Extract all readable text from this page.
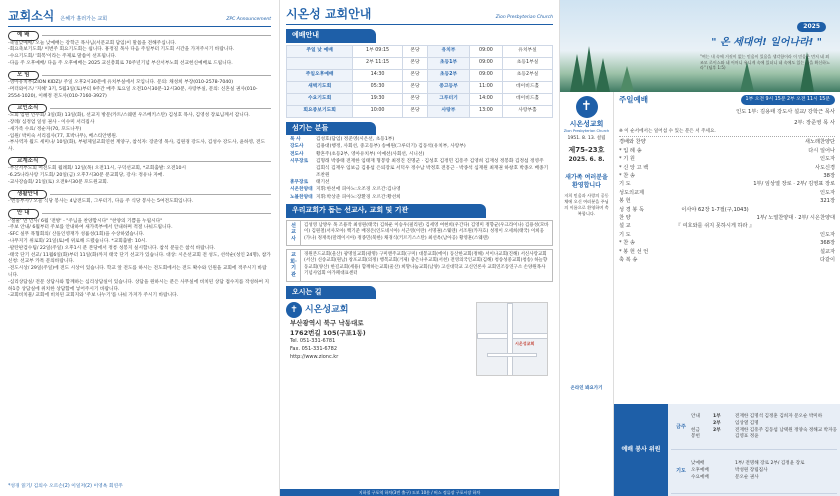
교회소식 은혜가 흘러가는 교회	ZPC Announcement
예 배
-축일낮예배/ 오늘 낮예배는 강학근 목사님(서문교회 담임)이 말씀을 전해주십니다.
-회요축보기도회/ 이번주 회요기도회는 쉽니다. 홍정길 목사 다음 주일부터 기도회 시간을 가져주시기 바랍니다.
-수요기도회/ '회복'이라는 주제로 말씀이 선포됩니다.
-다음 주 오후예배/ 다음 주 오후예배는 2025 교신총회로 70주년기념 부산서부노회 선교헌신예배로 드립니다.
모 임
-영아유치부(ZION KIDZ)/ 주일 오후2시30분에 유치부실에서 모입니다. 문의: 채성희 부장(010-2578-7040)
-머더와이즈/ '지혜' 3기, 5월3일(토)부터 9주간 매주 토요일 오전10시30분-12시30분, 사랑부실, 문의: 신혼실 권사(010-2554-1020), 이혜정 전도사(010-7160-3927)
교인소식
-노회 임원 인수회/ 3일(화) 13일(화), 선교지 방문(카트/스웨덴 우즈베키스탄) 김성호 목사, 김영성 장로님께서 갑니다.
-장례/ 심정엄 일성 권사 - 이수미 서리집사
-새가족 수료/ 정순자(70, 포도나무)
-입원/ 박미숙 서리집사(77, 호박나무), 베스티안병원.
-부사역자 월드 세미나/ 10일(화), 부평제일교회연천 계양구, 참석자: 장준영 목사, 김원경 강도사, 김성수 강도사, 윤하영, 전도사.
교계소식
-부산서부노회 여전도회 월례회/ 12일(목) 오전11시, 구덕선교회, *교회출발: 오전10시
-6.25나라사랑 기도회/ 20일(금) 오후7시30분 분교회당, 강사: 정유나 자매.
-교사강습회/ 21일(토) 오전9시30분 포도원교회.
생활안내
-'빈농부사'/ 오늘 식당 봉사는 4남전도회, 그루터기, 다음 주 식당 봉사는 5여전도회입니다.
안 내
-'실물' 연 인사/ 6월 '전방' - "주님을 찬양합시다" "찬양의 기쁨을 누립시다"
-주보 안내/ 6월부터 주보를 안내하여 새가족부에서 안내하며 적절 나눠드립니다.
-SFC 실무 목협회의/ 산돌인영재가 성률성(1회)을 수상하였습니다.
-나무지기 위로회/ 21일(토)에 위로해 드렸습니다. *교회출발: 10시.
-팔탄판검수팀/ 22일(주일) 오후1시 분 본당에서 정릉 성봉지 실시합니다. 참석 분들은 참석 바랍니다.
-태국 단기 선교/ 11월6일(화)부터 11일(화)까지 태국 단기 선교가 있습니다. 대상: 시온선교회 전 성도, 선착순(성인 24명), 참가신청: 선교부 카톡 문의바랍니다.
-전도시상/ 29일(주일)에 전도 시상이 있습니다. 학교 앞 전도를 하시는 전도회에서는 전도 확수와 인원을 교회에 적주시기 바랍니다.
-심리상담실/ 전문 상담사와 함께하는 심리상담실이 있습니다. 상담을 원하시는 분은 사무실에 비치된 상담 접수지를 작성하여 지하1층 상담실에 위치한 상담함에 넣어주시기 바랍니다.
-교회비치물/ 교회에 비치된 교회지와 '주보 나누기'를 나눠 가져가 주시기 바랍니다.
*성경 읽기/ 김의수 오르손(2) 이일저(2) 이영옥 회연주
시온성 교회안내	Zion Presbyterian Church
예배안내
주일 낮 예배	1부 09:15	본당	유치부	09:00	유치부실
	2부 11:15	본당	초등1부	09:00	초등1부실
주일오후예배	14:30	본당	초등2부	09:00	초등2부실
새벽기도회	05:30	본당	중고등부	11:00	데이비드홀
수요기도회	19:30	본당	그루터기	14:00	데이비드홀
회요중보기도회	10:00	본당	사랑부	13:00	사랑부홀
섬기는 분들
목 사	김성호(담임) 정준영(시온선, 초등1부)
강도사	김용대(행정, 사회선, 중고등부) 송예원(그루터기) 김동석(유치부, 사랑부)
전도사	황혼주(초등2부, 영아유치부) 이예선(사회선, 시니선)
시무장로	김형래 박종태 전재한 임태재 형봉랑 최정진 진명군 · 김성호 김정민 김흥주 김영희 김재성 정봉화 김정섭 정영주
김회식 김재우 임보금 김용섭 은퇴장로 서덕우 정수남 박정호 전흥근 · 박종석 심재원 최재권 하창호 박종오 배종기 조찬원
휴무장로	태기선
시온찬양대 지휘:한선애 피아노:오조경 오르간:김나영
노블찬양대 지휘:박상준 피아노:장환경 오르간:황선희
우리교회가 돕는 선교사, 교회 및 기관
선교사
김성영 남방우 목 조용작 최성원(태국) 김하운 이승우(필리핀) 김세영 여현희(우간다) 김영미 정향균(우크라이나) 김용성(모바이) 김원철(서사모아) 백기준 배경온(인도네시아) 서근영(이란) 서명권(스웨덴) 서조원(카자흐) 성정이 오세희(태국) 이희웅(가나) 정재옥(말레이시아) 정종민(북한) 채경식(키르기스스탄) 최선옥(남아공) 황영훈(스웨덴)
교회·기관
경원본드교회(울산) 광명일교회(광명) 구미맨주교회(구미) 대봉교회(에이) 동산한교회(정해) 서이나교회(진해) 서신사랑교회(서산) 신송교회(원남) 창포교회(의정) 행복교회(거제) 충은나우교회(서천) 전영의국인교회(김해) 청송성중교회(청송) 하늘향동교회(양산) 한길교회(세용) 함께하는교회(울산) 희망나눔교회(남양) 고신대학교 고신언론사 교회연조동연구소 손양원목사기념사업회 아가페대표센터
오시는 길
✝ 시온성교회
부산광역시 북구 낙동대로
1762번길 105(구포1동)
Tel. 051-331-6781
Fax. 051-331-6782
http://www.zionc.kr
시온성교회
지하철 구포역 하차(3번 출구) 도보 10분 / 버스 정류장 구포시장 하차
2025
" 온 세대여! 일어나라! "
"여는 내 속에 거짓이 없는 믿음이 있음을 생각함이라 이 믿음은 먼저 네 외조모 로이스와 네 어머니 유니게 속에 있더니 네 속에도 있는 줄을 확신하노라" (딤후 1:5)
✝
시온성교회
Zion Presbyterian Church
1951. 8. 13. 설립
제75-23호
2025. 6. 8.
새가족 여러분을 환영합니다
저희 믿음과 사랑의 공동체에 오신 여러분을 주님의 이름으로 환영하며 축복합니다.
온라인 봐요가기
주일예배	1부 오전 9시 15분 2부 오전 11시 15분
인도 1부: 김용태 강도사 설교/ 강학근 목사
2부: 장준영 목 사
※ 이 순서에서는 일어섬 수 있는 분은 서 주세요.
경배와 찬양	새노래찬양단
* 입 례 송	다시 일어나
* 기 원	인도자
* 신 앙 고 백	사도신경
* 찬 송	38장
기 도	1부/ 임상열 장로 · 2부/ 김영표 장로
성도의교제	인도자
봉 헌	321장
성 경 봉 독	이사야 62장 1-7절(구,1043)
찬 양	1부/ 노열찬양대 · 2부/ 시온찬양대
설 교	『 여호와를 쉬지 못하시게 하라 』
기 도	인도자
* 찬 송	368장
* 봉 헌 선 언	설교자
축 복 송	다같이
예배 봉사 위원
금주
안내	1부	전재한 김명석 김정훈 김희자 문오순 박미하
2부	임상열 김명
헌금	2부	전재한 김흥주 김동섭 남택원 정양숙 정해교 박자웅
봉헌	김영표 정윤
기도
낮예배	1부/ 전명해 장로 2부/ 김정윤 장로
오후예배	박성원 장립집사
수요예배	문오순 권사
